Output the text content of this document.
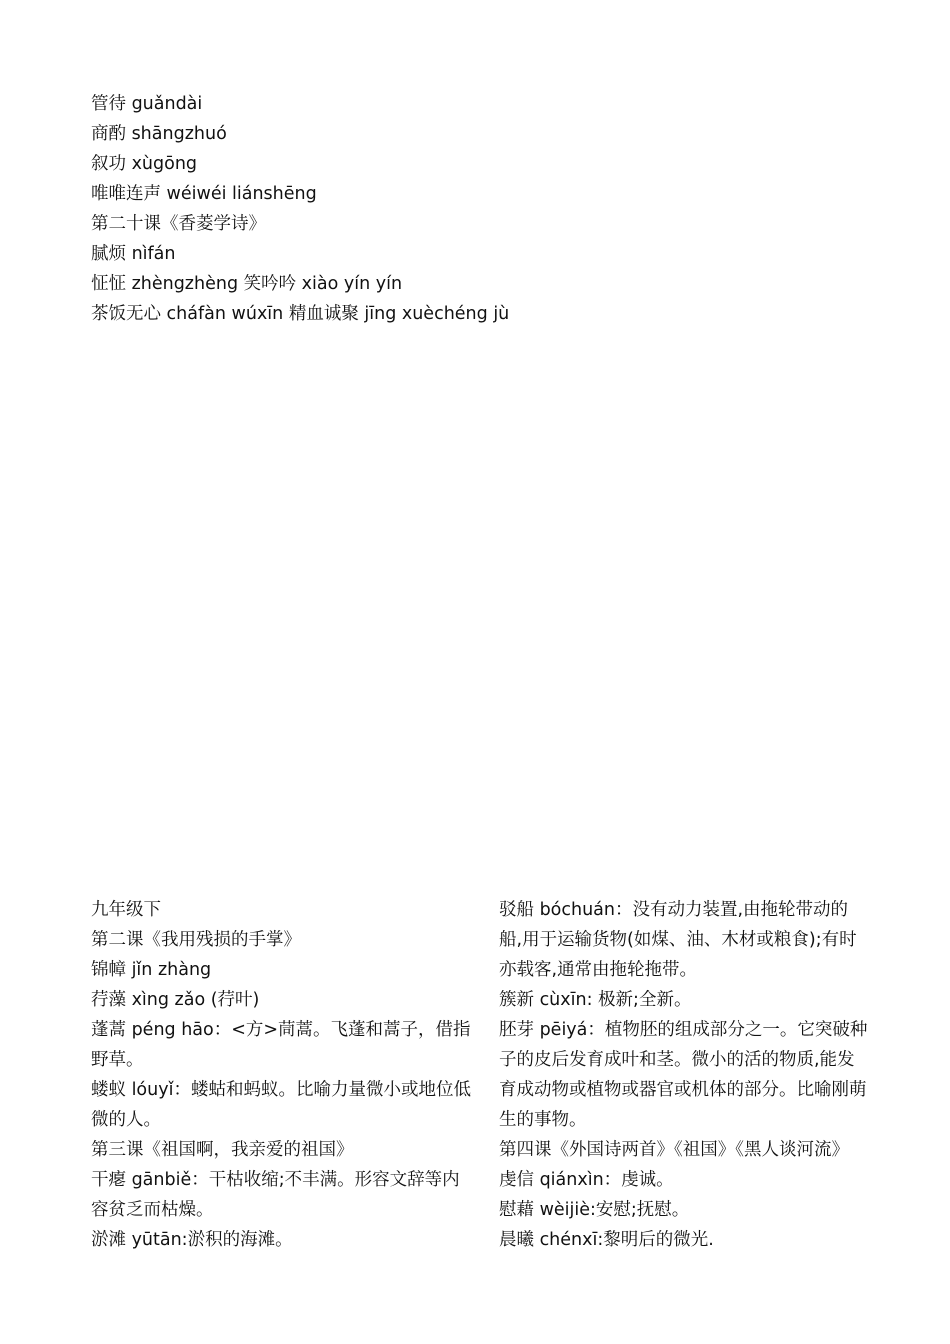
管待 guǎndài
商酌 shāngzhuó
叙功 xùgōng
唯唯连声 wéiwéi liánshēng
第二十课《香菱学诗》
腻烦 nìfán
怔怔 zhèngzhèng 笑吟吟 xiào yín yín
茶饭无心 cháfàn wúxīn 精血诚聚 jīng xuèchéng jù
九年级下
第二课《我用残损的手掌》
锦幛 jǐn zhàng
荇藻 xìng zǎo (荇叶)
蓬蒿 péng hāo：<方>茼蒿。飞蓬和蒿子，借指野草。
蝼蚁 lóuyǐ：蝼蛄和蚂蚁。比喻力量微小或地位低微的人。
第三课《祖国啊，我亲爱的祖国》
干瘪 gānbiě：干枯收缩;不丰满。形容文辞等内容贫乏而枯燥。
淤滩 yūtān:淤积的海滩。
驳船 bóchuán：没有动力装置,由拖轮带动的船,用于运输货物(如煤、油、木材或粮食);有时亦载客,通常由拖轮拖带。
簇新 cùxīn: 极新;全新。
胚芽 pēiyá：植物胚的组成部分之一。它突破种子的皮后发育成叶和茎。微小的活的物质,能发育成动物或植物或器官或机体的部分。比喻刚萌生的事物。
第四课《外国诗两首》《祖国》《黑人谈河流》
虔信 qiánxìn：虔诚。
慰藉 wèijiè:安慰;抚慰。
晨曦 chénxī:黎明后的微光.
